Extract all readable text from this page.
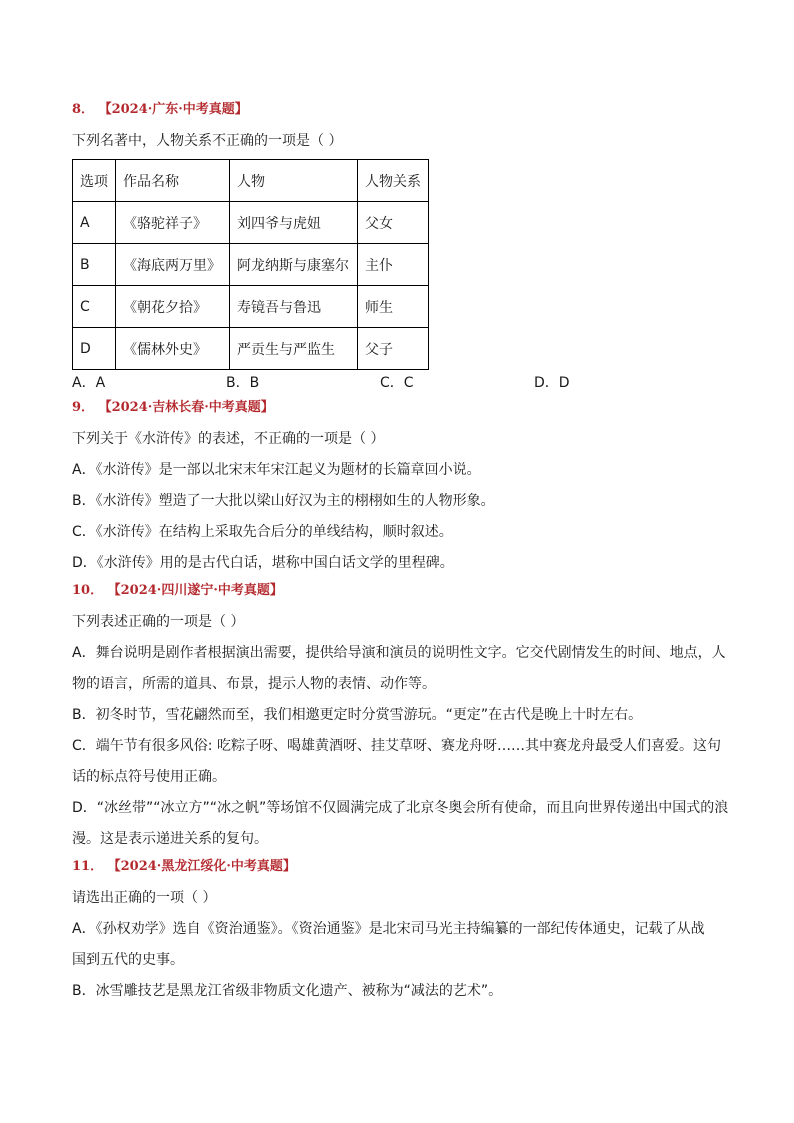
8． 【2024·广东·中考真题】
下列名著中，人物关系不正确的一项是（ ）
选项	作品名称	人物	人物关系
A	《骆驼祥子》	刘四爷与虎妞	父女
B	《海底两万里》	阿龙纳斯与康塞尔	主仆
C	《朝花夕拾》	寿镜吾与鲁迅	师生
D	《儒林外史》	严贡生与严监生	父子
A．A	B．B	C．C	D．D
9． 【2024·吉林长春·中考真题】
下列关于《水浒传》的表述，不正确的一项是（ ）
A．《水浒传》是一部以北宋末年宋江起义为题材的长篇章回小说。
B．《水浒传》塑造了一大批以梁山好汉为主的栩栩如生的人物形象。
C．《水浒传》在结构上采取先合后分的单线结构，顺时叙述。
D．《水浒传》用的是古代白话，堪称中国白话文学的里程碑。
10． 【2024·四川遂宁·中考真题】
下列表述正确的一项是（ ）
A．舞台说明是剧作者根据演出需要，提供给导演和演员的说明性文字。它交代剧情发生的时间、地点，人
物的语言，所需的道具、布景，提示人物的表情、动作等。
B．初冬时节，雪花翩然而至，我们相邀更定时分赏雪游玩。“更定”在古代是晚上十时左右。
C．端午节有很多风俗: 吃粽子呀、喝雄黄酒呀、挂艾草呀、赛龙舟呀……其中赛龙舟最受人们喜爱。这句
话的标点符号使用正确。
D．“冰丝带”“冰立方”“冰之帆”等场馆不仅圆满完成了北京冬奥会所有使命，而且向世界传递出中国式的浪
漫。这是表示递进关系的复句。
11． 【2024·黑龙江绥化·中考真题】
请选出正确的一项（ ）
A．《孙权劝学》选自《资治通鉴》。《资治通鉴》是北宋司马光主持编纂的一部纪传体通史，记载了从战
国到五代的史事。
B．冰雪雕技艺是黑龙江省级非物质文化遗产、被称为“减法的艺术”。
